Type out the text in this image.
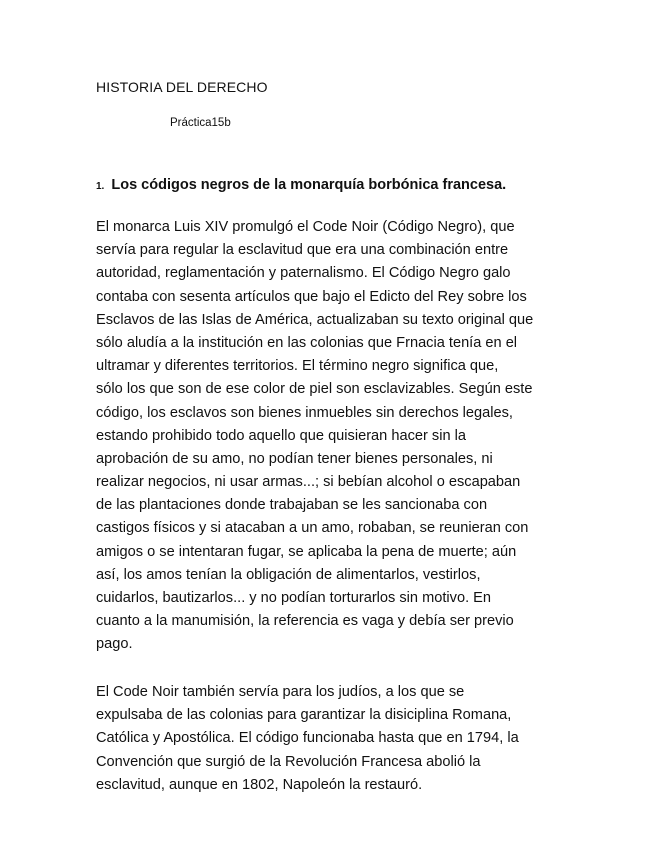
HISTORIA DEL DERECHO
Práctica15b
1. Los códigos negros de la monarquía borbónica francesa.
El monarca Luis XIV promulgó el Code Noir (Código Negro), que
servía para regular la esclavitud que era una combinación entre
autoridad, reglamentación y paternalismo. El Código Negro galo
contaba con sesenta artículos que bajo el Edicto del Rey sobre los
Esclavos de las Islas de América, actualizaban su texto original que
sólo aludía a la institución en las colonias que Frnacia tenía en el
ultramar y diferentes territorios. El término negro significa que,
sólo los que son de ese color de piel son esclavizables. Según este
código, los esclavos son bienes inmuebles sin derechos legales,
estando prohibido todo aquello que quisieran hacer sin la
aprobación de su amo, no podían tener bienes personales, ni
realizar negocios, ni usar armas...; si bebían alcohol o escapaban
de las plantaciones donde trabajaban se les sancionaba con
castigos físicos y si atacaban a un amo, robaban, se reunieran con
amigos o se intentaran fugar, se aplicaba la pena de muerte; aún
así, los amos tenían la obligación de alimentarlos, vestirlos,
cuidarlos, bautizarlos... y no podían torturarlos sin motivo. En
cuanto a la manumisión, la referencia es vaga y debía ser previo
pago.
El Code Noir también servía para los judíos, a los que se
expulsaba de las colonias para garantizar la disiciplina Romana,
Católica y Apostólica. El código funcionaba hasta que en 1794, la
Convención que surgió de la Revolución Francesa abolió la
esclavitud, aunque en 1802, Napoleón la restauró.
